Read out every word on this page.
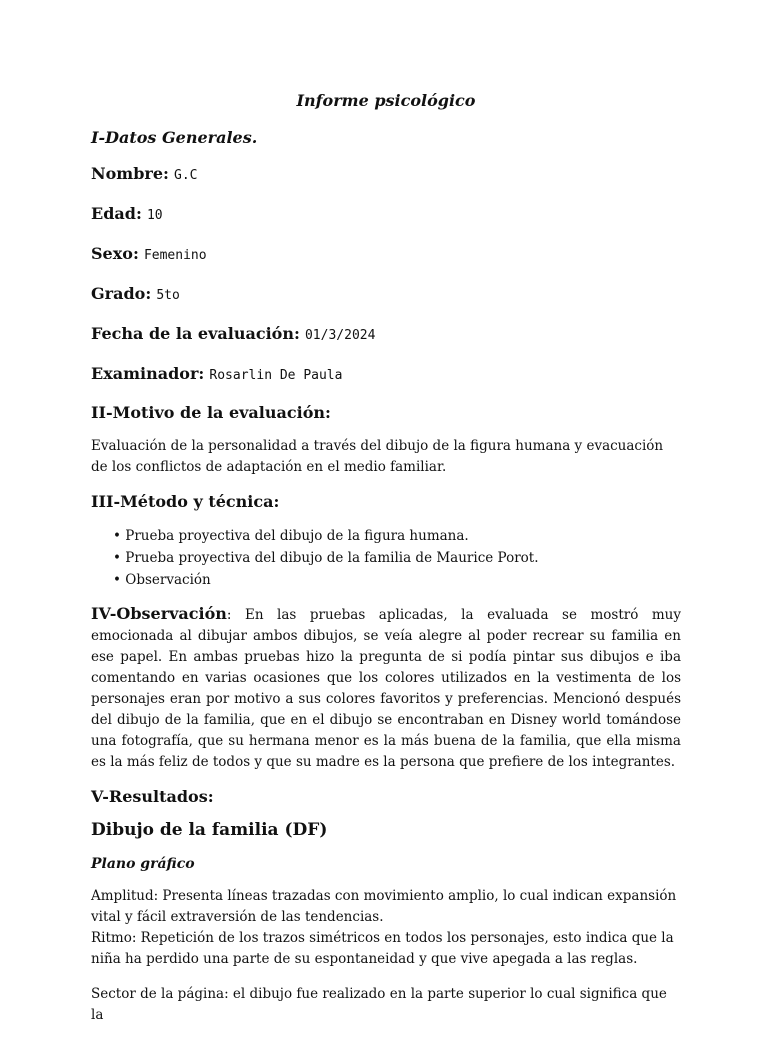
Informe psicológico
I-Datos Generales.
Nombre: G.C
Edad: 10
Sexo: Femenino
Grado: 5to
Fecha de la evaluación: 01/3/2024
Examinador: Rosarlin De Paula
II-Motivo de la evaluación:
Evaluación de la personalidad a través del dibujo de la figura humana y evacuación de los conflictos de adaptación en el medio familiar.
III-Método y técnica:
• Prueba proyectiva del dibujo de la figura humana.
• Prueba proyectiva del dibujo de la familia de Maurice Porot.
• Observación
IV-Observación: En las pruebas aplicadas, la evaluada se mostró muy emocionada al dibujar ambos dibujos, se veía alegre al poder recrear su familia en ese papel. En ambas pruebas hizo la pregunta de si podía pintar sus dibujos e iba comentando en varias ocasiones que los colores utilizados en la vestimenta de los personajes eran por motivo a sus colores favoritos y preferencias. Mencionó después del dibujo de la familia, que en el dibujo se encontraban en Disney world tomándose una fotografía, que su hermana menor es la más buena de la familia, que ella misma es la más feliz de todos y que su madre es la persona que prefiere de los integrantes.
V-Resultados:
Dibujo de la familia (DF)
Plano gráfico
Amplitud: Presenta líneas trazadas con movimiento amplio, lo cual indican expansión vital y fácil extraversión de las tendencias.
Ritmo: Repetición de los trazos simétricos en todos los personajes, esto indica que la niña ha perdido una parte de su espontaneidad y que vive apegada a las reglas.
Sector de la página: el dibujo fue realizado en la parte superior lo cual significa que la
